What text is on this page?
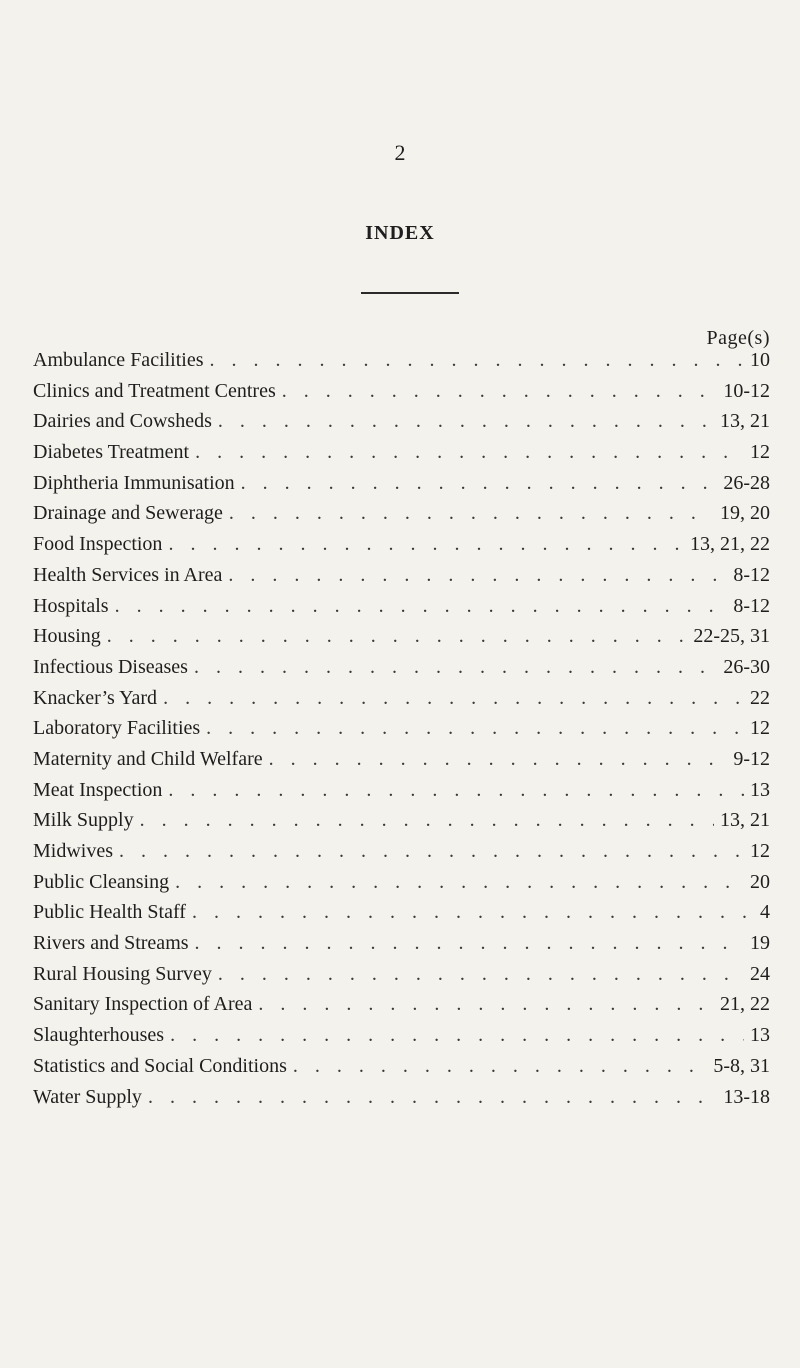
2
INDEX
Page(s)
Ambulance Facilities . . .	10
Clinics and Treatment Centres . . .	10-12
Dairies and Cowsheds . . .	13, 21
Diabetes Treatment . . .	12
Diphtheria Immunisation . . .	26-28
Drainage and Sewerage . . .	19, 20
Food Inspection . . .	13, 21, 22
Health Services in Area . . .	8-12
Hospitals . . .	8-12
Housing . . .	22-25, 31
Infectious Diseases . . .	26-30
Knacker’s Yard . . .	22
Laboratory Facilities . . .	12
Maternity and Child Welfare . . .	9-12
Meat Inspection . . .	13
Milk Supply . . .	13, 21
Midwives . . .	12
Public Cleansing . . .	20
Public Health Staff . . .	4
Rivers and Streams . . .	19
Rural Housing Survey . . .	24
Sanitary Inspection of Area . . .	21, 22
Slaughterhouses . . .	13
Statistics and Social Conditions . . .	5-8, 31
Water Supply . . .	13-18
